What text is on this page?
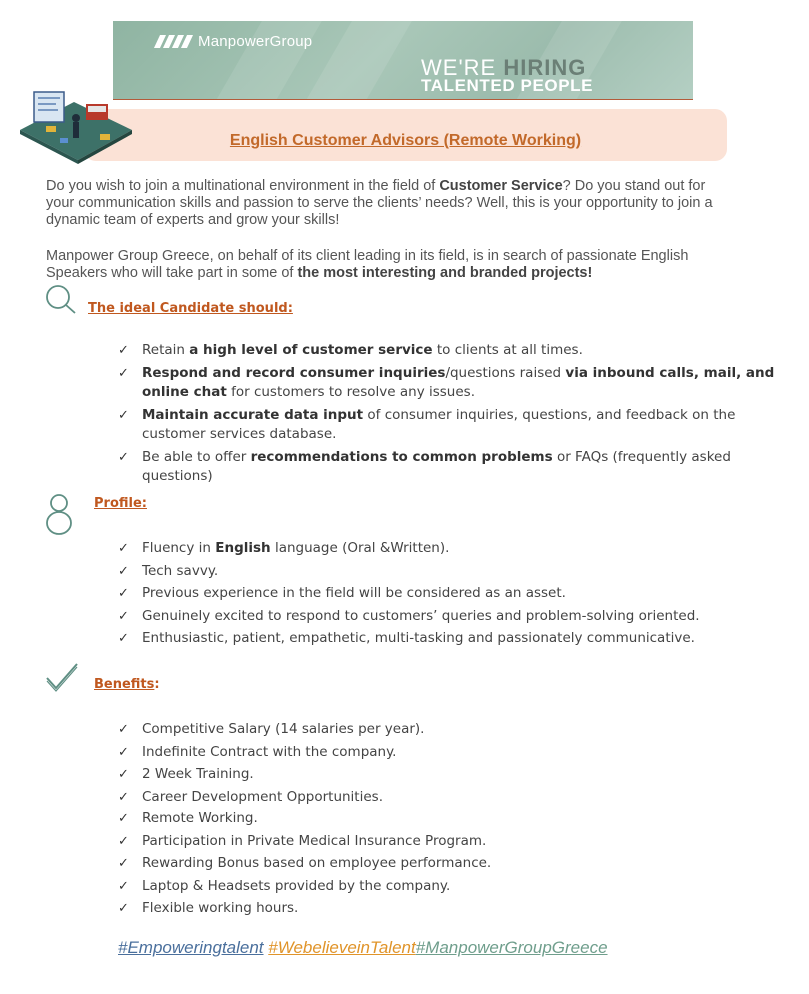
ManpowerGroup
WE'RE HIRING
TALENTED PEOPLE
English Customer Advisors (Remote Working)
Do you wish to join a multinational environment in the field of Customer Service? Do you stand out for your communication skills and passion to serve the clients’ needs? Well, this is your opportunity to join a dynamic team of experts and grow your skills!
Manpower Group Greece, on behalf of its client leading in its field, is in search of passionate English Speakers who will take part in some of the most interesting and branded projects!
The ideal Candidate should:
✓ Retain a high level of customer service to clients at all times.
✓ Respond and record consumer inquiries/questions raised via inbound calls, mail, and online chat for customers to resolve any issues.
✓ Maintain accurate data input of consumer inquiries, questions, and feedback on the customer services database.
✓ Be able to offer recommendations to common problems or FAQs (frequently asked questions)
Profile:
✓ Fluency in English language (Oral &Written).
✓ Tech savvy.
✓ Previous experience in the field will be considered as an asset.
✓ Genuinely excited to respond to customers’ queries and problem-solving oriented.
✓ Enthusiastic, patient, empathetic, multi-tasking and passionately communicative.
Benefits:
✓ Competitive Salary (14 salaries per year).
✓ Indefinite Contract with the company.
✓ 2 Week Training.
✓ Career Development Opportunities.
✓ Remote Working.
✓ Participation in Private Medical Insurance Program.
✓ Rewarding Bonus based on employee performance.
✓ Laptop & Headsets provided by the company.
✓ Flexible working hours.
#Empoweringtalent #WebelieveinTalent#ManpowerGroupGreece
